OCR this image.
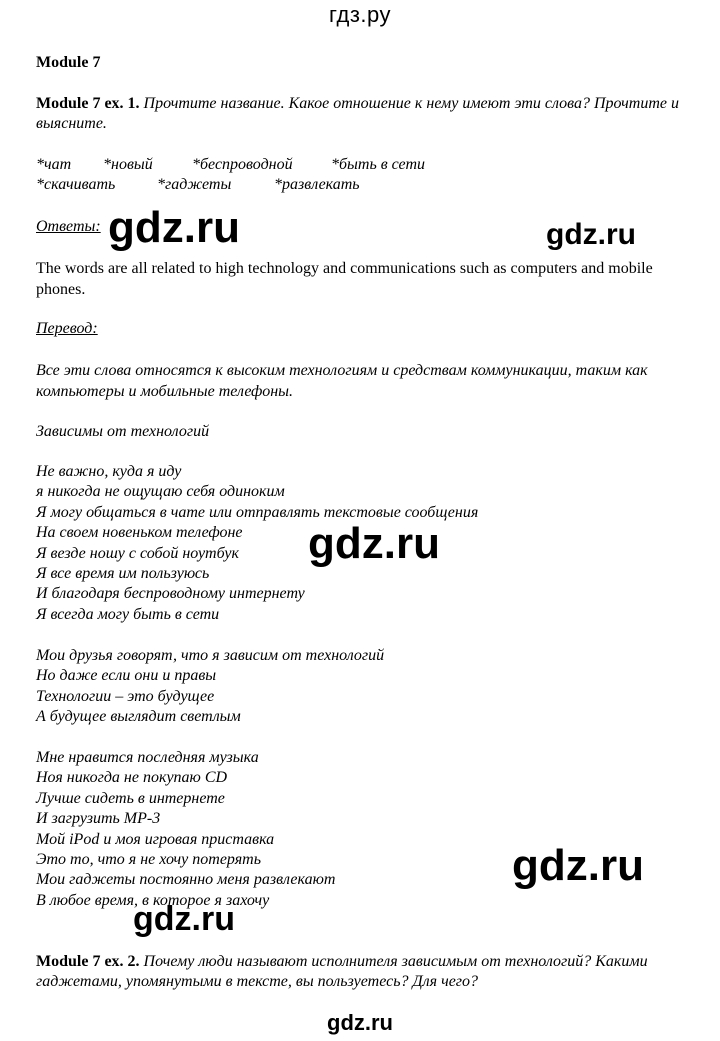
гдз.ру
Module 7
Module 7 ex. 1. Прочтите название. Какое отношение к нему имеют эти слова? Прочтите и выясните.
*чат *новый *беспроводной *быть в сети
*скачивать	*гаджеты	*развлекать
Ответы:
The words are all related to high technology and communications such as computers and mobile phones.
Перевод:
Все эти слова относятся к высоким технологиям и средствам коммуникации, таким как компьютеры и мобильные телефоны.
Зависимы от технологий
Не важно, куда я иду
я никогда не ощущаю себя одиноким
Я могу общаться в чате или отправлять текстовые сообщения
На своем новеньком телефоне
Я везде ношу с собой ноутбук
Я все время им пользуюсь
И благодаря беспроводному интернету
Я всегда могу быть в сети
Мои друзья говорят, что я зависим от технологий
Но даже если они и правы
Технологии – это будущее
А будущее выглядит светлым
Мне нравится последняя музыка
Ноя никогда не покупаю CD
Лучше сидеть в интернете
И загрузить MP-3
Мой iPod и моя игровая приставка
Это то, что я не хочу потерять
Мои гаджеты постоянно меня развлекают
В любое время, в которое я захочу
Module 7 ex. 2. Почему люди называют исполнителя зависимым от технологий? Какими гаджетами, упомянутыми в тексте, вы пользуетесь? Для чего?
gdz.ru	gdz.ru
gdz.ru
gdz.ru
gdz.ru
gdz.ru
